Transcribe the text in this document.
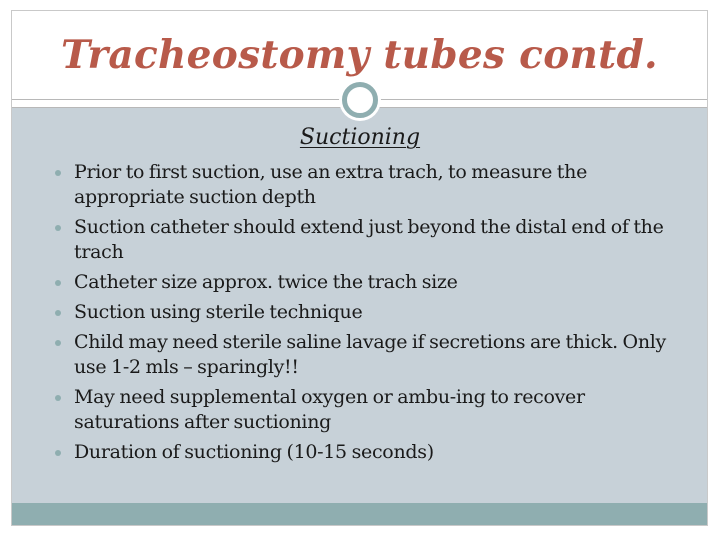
Tracheostomy tubes contd.

Suctioning

Prior to first suction, use an extra trach, to measure the appropriate suction depth
Suction catheter should extend just beyond the distal end of the trach
Catheter size approx. twice the trach size
Suction using sterile technique
Child may need sterile saline lavage if secretions are thick. Only use 1-2 mls – sparingly!!
May need supplemental oxygen or ambu-ing to recover saturations after suctioning
Duration of suctioning (10-15 seconds)
